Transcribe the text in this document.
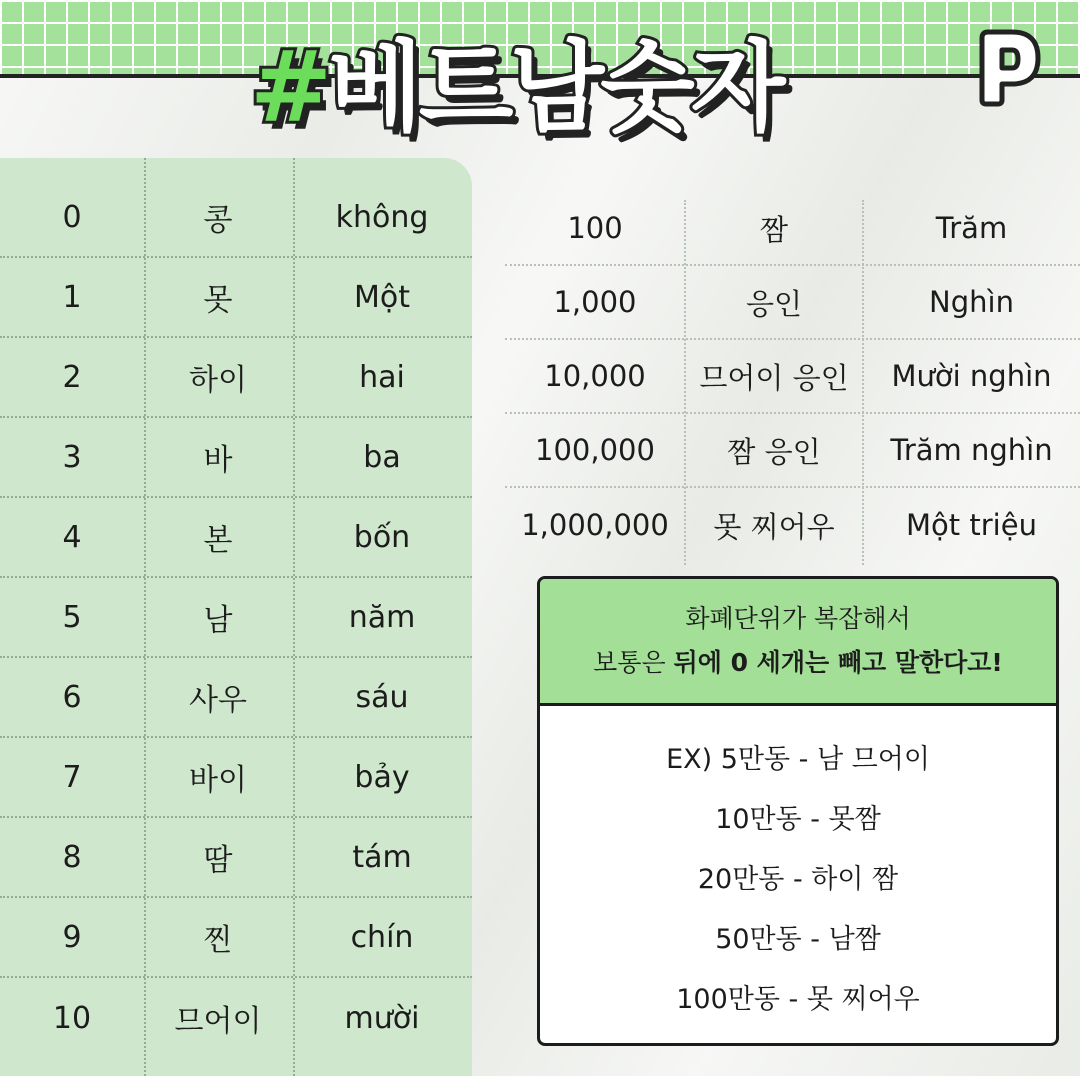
#베트남숫자
0	콩	không
1	못	Một
2	하이	hai
3	바	ba
4	본	bốn
5	남	năm
6	사우	sáu
7	바이	bảy
8	땀	tám
9	찐	chín
10	므어이	mười
100	짬	Trăm
1,000	응인	Nghìn
10,000	므어이 응인	Mười nghìn
100,000	짬 응인	Trăm nghìn
1,000,000	못 찌어우	Một triệu
화폐단위가 복잡해서
보통은 뒤에 0 세개는 빼고 말한다고!
EX) 5만동 - 남 므어이
10만동 - 못짬
20만동 - 하이 짬
50만동 - 남짬
100만동 - 못 찌어우
